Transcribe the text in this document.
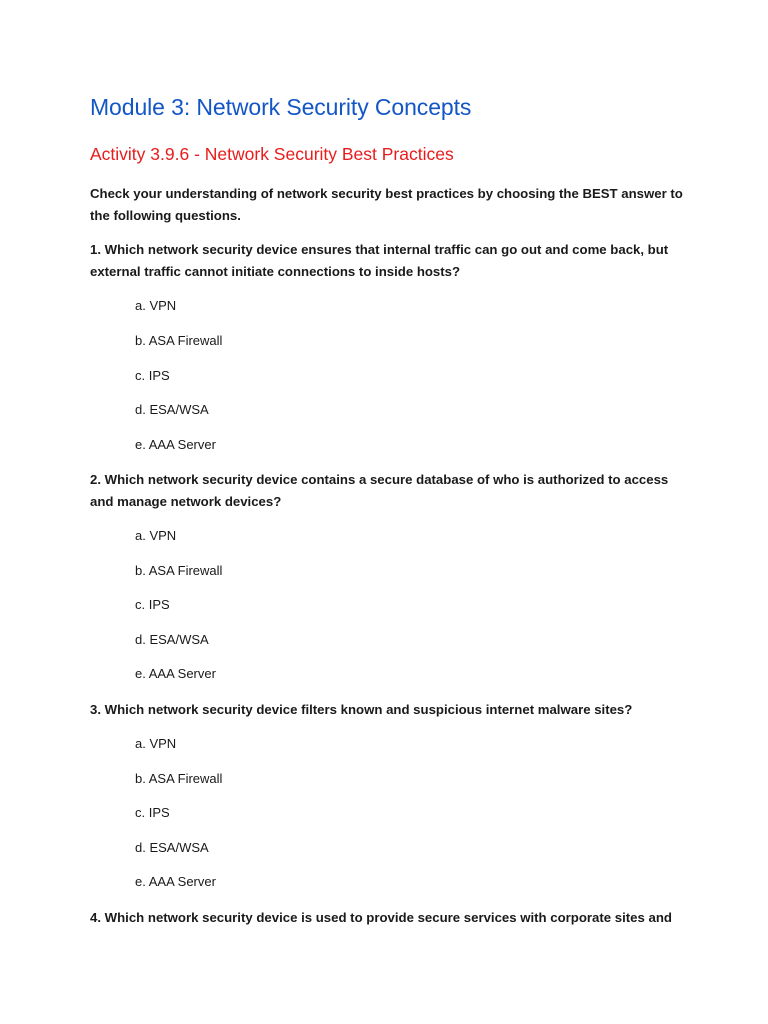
Module 3: Network Security Concepts
Activity 3.9.6 - Network Security Best Practices

Check your understanding of network security best practices by choosing the BEST answer to the following questions.

1. Which network security device ensures that internal traffic can go out and come back, but external traffic cannot initiate connections to inside hosts?

a. VPN

b. ASA Firewall

c. IPS

d. ESA/WSA

e. AAA Server

2. Which network security device contains a secure database of who is authorized to access and manage network devices?

a. VPN

b. ASA Firewall

c. IPS

d. ESA/WSA

e. AAA Server

3. Which network security device filters known and suspicious internet malware sites?

a. VPN

b. ASA Firewall

c. IPS

d. ESA/WSA

e. AAA Server

4. Which network security device is used to provide secure services with corporate sites and
